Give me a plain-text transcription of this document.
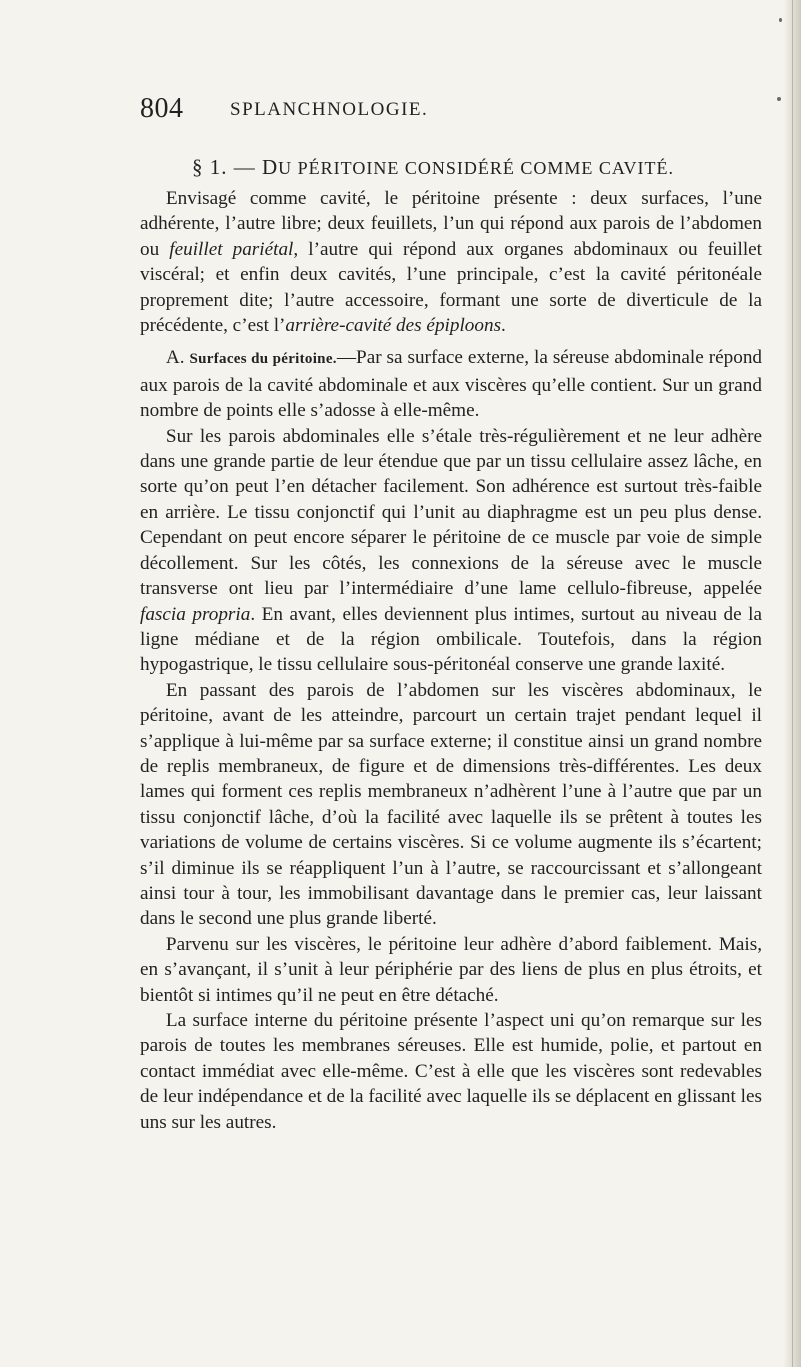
804 SPLANCHNOLOGIE.
§ 1. — DU PÉRITOINE CONSIDÉRÉ COMME CAVITÉ.

Envisagé comme cavité, le péritoine présente : deux surfaces, l’une adhérente, l’autre libre; deux feuillets, l’un qui répond aux parois de l’abdomen ou feuillet pariétal, l’autre qui répond aux organes abdominaux ou feuillet viscéral; et enfin deux cavités, l’une principale, c’est la cavité péritonéale proprement dite; l’autre accessoire, formant une sorte de diverticule de la précédente, c’est l’arrière-cavité des épiploons.

A. Surfaces du péritoine.—Par sa surface externe, la séreuse abdominale répond aux parois de la cavité abdominale et aux viscères qu’elle contient. Sur un grand nombre de points elle s’adosse à elle-même.

Sur les parois abdominales elle s’étale très-régulièrement et ne leur adhère dans une grande partie de leur étendue que par un tissu cellulaire assez lâche, en sorte qu’on peut l’en détacher facilement. Son adhérence est surtout très-faible en arrière. Le tissu conjonctif qui l’unit au diaphragme est un peu plus dense. Cependant on peut encore séparer le péritoine de ce muscle par voie de simple décollement. Sur les côtés, les connexions de la séreuse avec le muscle transverse ont lieu par l’intermédiaire d’une lame cellulo-fibreuse, appelée fascia propria. En avant, elles deviennent plus intimes, surtout au niveau de la ligne médiane et de la région ombilicale. Toutefois, dans la région hypogastrique, le tissu cellulaire sous-péritonéal conserve une grande laxité.

En passant des parois de l’abdomen sur les viscères abdominaux, le péritoine, avant de les atteindre, parcourt un certain trajet pendant lequel il s’applique à lui-même par sa surface externe; il constitue ainsi un grand nombre de replis membraneux, de figure et de dimensions très-différentes. Les deux lames qui forment ces replis membraneux n’adhèrent l’une à l’autre que par un tissu conjonctif lâche, d’où la facilité avec laquelle ils se prêtent à toutes les variations de volume de certains viscères. Si ce volume augmente ils s’écartent; s’il diminue ils se réappliquent l’un à l’autre, se raccourcissant et s’allongeant ainsi tour à tour, les immobilisant davantage dans le premier cas, leur laissant dans le second une plus grande liberté.

Parvenu sur les viscères, le péritoine leur adhère d’abord faiblement. Mais, en s’avançant, il s’unit à leur périphérie par des liens de plus en plus étroits, et bientôt si intimes qu’il ne peut en être détaché.

La surface interne du péritoine présente l’aspect uni qu’on remarque sur les parois de toutes les membranes séreuses. Elle est humide, polie, et partout en contact immédiat avec elle-même. C’est à elle que les viscères sont redevables de leur indépendance et de la facilité avec laquelle ils se déplacent en glissant les uns sur les autres.
